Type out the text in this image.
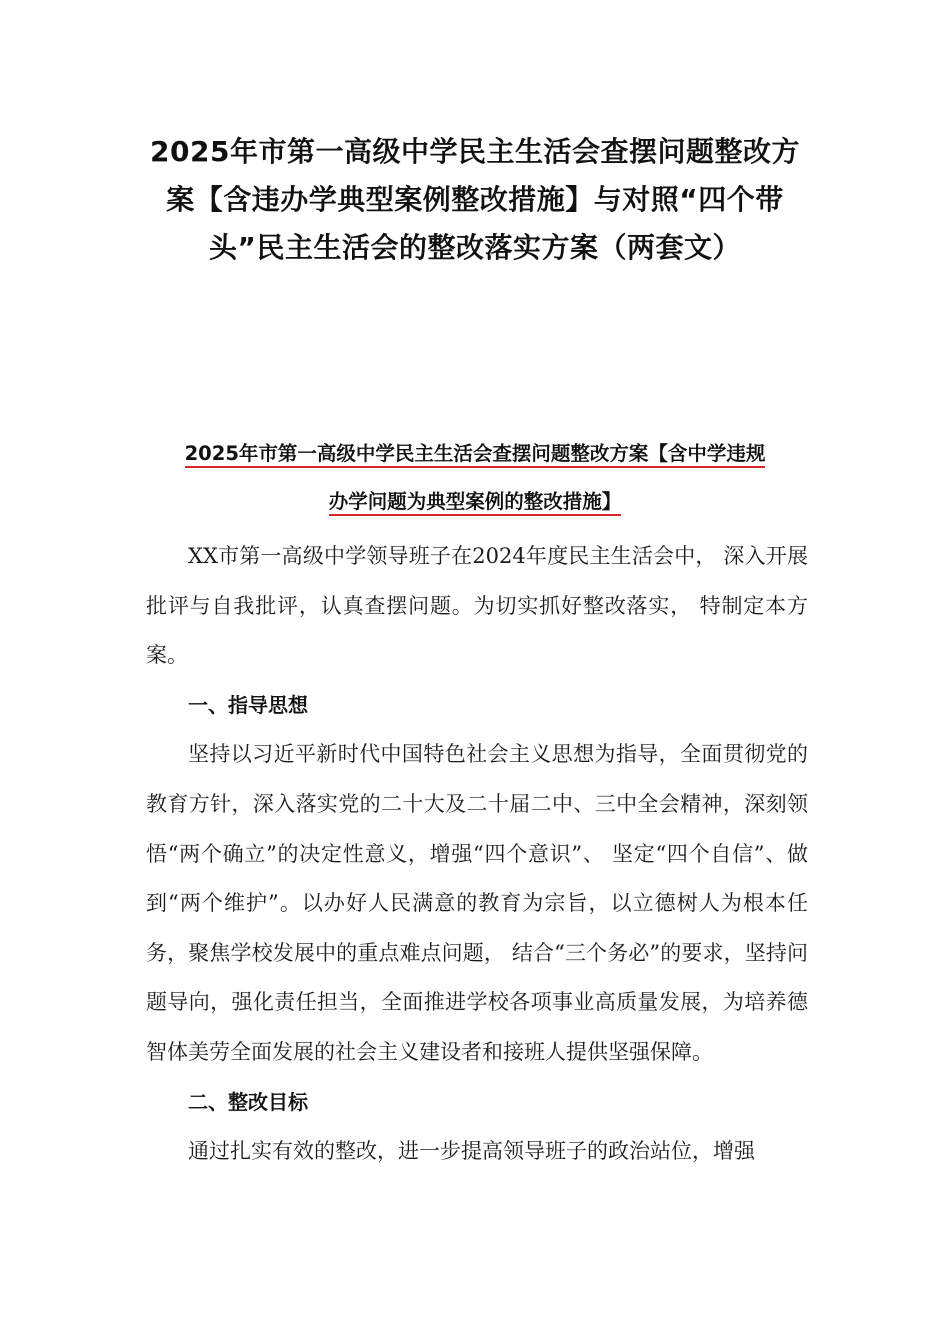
2025年市第一高级中学民主生活会查摆问题整改方案【含违办学典型案例整改措施】与对照“四个带头”民主生活会的整改落实方案（两套文）
2025年市第一高级中学民主生活会查摆问题整改方案【含中学违规
办学问题为典型案例的整改措施】

XX市第一高级中学领导班子在2024年度民主生活会中， 深入开展批评与自我批评，认真查摆问题。为切实抓好整改落实， 特制定本方案。

一、指导思想

坚持以习近平新时代中国特色社会主义思想为指导，全面贯彻党的教育方针，深入落实党的二十大及二十届二中、三中全会精神，深刻领悟“两个确立”的决定性意义，增强“四个意识”、 坚定“四个自信”、做到“两个维护”。以办好人民满意的教育为宗旨，以立德树人为根本任务，聚焦学校发展中的重点难点问题， 结合“三个务必”的要求，坚持问题导向，强化责任担当，全面推进学校各项事业高质量发展，为培养德智体美劳全面发展的社会主义建设者和接班人提供坚强保障。

二、整改目标

通过扎实有效的整改，进一步提高领导班子的政治站位，增强
